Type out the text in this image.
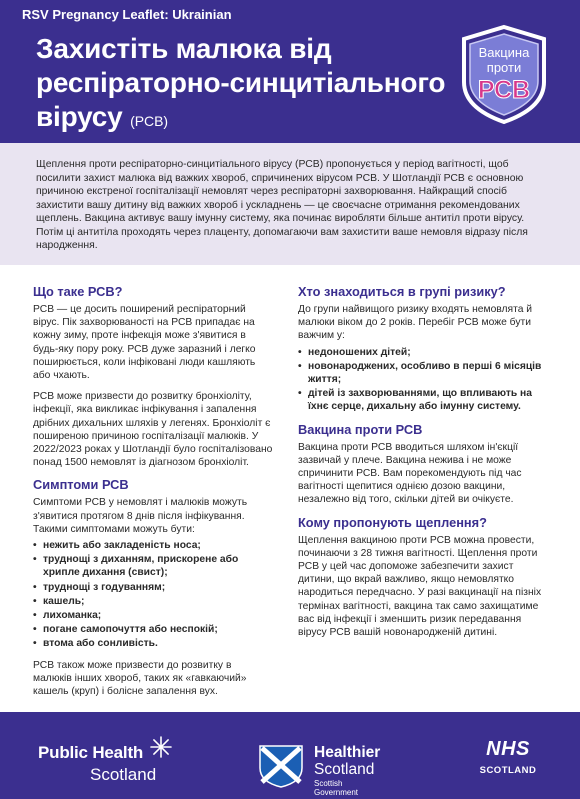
RSV Pregnancy Leaflet: Ukrainian
Захистіть малюка від респіраторно-синцитіального вірусу (РСВ)
Вакцина
проти
РСВ

Щеплення проти респіраторно-синцитіального вірусу (РСВ) пропонується у період вагітності, щоб посилити захист малюка від важких хвороб, спричинених вірусом РСВ. У Шотландії РСВ є основною причиною екстреної госпіталізації немовлят через респіраторні захворювання. Найкращий спосіб захистити вашу дитину від важких хвороб і ускладнень — це своєчасне отримання рекомендованих щеплень. Вакцина активує вашу імунну систему, яка починає виробляти більше антитіл проти вірусу. Потім ці антитіла проходять через плаценту, допомагаючи вам захистити ваше немовля відразу після народження.

Що таке РСВ?

РСВ — це досить поширений респіраторний вірус. Пік захворюваності на РСВ припадає на кожну зиму, проте інфекція може з'явитися в будь-яку пору року. РСВ дуже заразний і легко поширюється, коли інфіковані люди кашляють або чхають.

РСВ може призвести до розвитку бронхіоліту, інфекції, яка викликає інфікування і запалення дрібних дихальних шляхів у легенях. Бронхіоліт є поширеною причиною госпіталізації малюків. У 2022/2023 роках у Шотландії було госпіталізовано понад 1500 немовлят із діагнозом бронхіоліт.

Симптоми РСВ

Симптоми РСВ у немовлят і малюків можуть з'явитися протягом 8 днів після інфікування. Такими симптомами можуть бути:

• нежить або закладеність носа;
• труднощі з диханням, прискорене або хрипле дихання (свист);
• труднощі з годуванням;
• кашель;
• лихоманка;
• погане самопочуття або неспокій;
• втома або сонливість.

РСВ також може призвести до розвитку в малюків інших хвороб, таких як «гавкаючий» кашель (круп) і болісне запалення вух.

Хто знаходиться в групі ризику?

До групи найвищого ризику входять немовлята й малюки віком до 2 років. Перебіг РСВ може бути важчим у:

• недоношених дітей;
• новонароджених, особливо в перші 6 місяців життя;
• дітей із захворюваннями, що впливають на їхнє серце, дихальну або імунну систему.
Вакцина проти РСВ

Вакцина проти РСВ вводиться шляхом ін'єкції зазвичай у плече. Вакцина нежива і не може спричинити РСВ. Вам порекомендують під час вагітності щепитися однією дозою вакцини, незалежно від того, скільки дітей ви очікуєте.

Кому пропонують щеплення?

Щеплення вакциною проти РСВ можна провести, починаючи з 28 тижня вагітності. Щеплення проти РСВ у цей час допоможе забезпечити захист дитини, що вкрай важливо, якщо немовлятко народиться передчасно. У разі вакцинації на пізніх термінах вагітності, вакцина так само захищатиме вас від інфекції і зменшить ризик передавання вірусу РСВ вашій новонародженій дитині.

Public Health
Scotland
Healthier
Scotland
Scottish
Government
NHS
SCOTLAND
